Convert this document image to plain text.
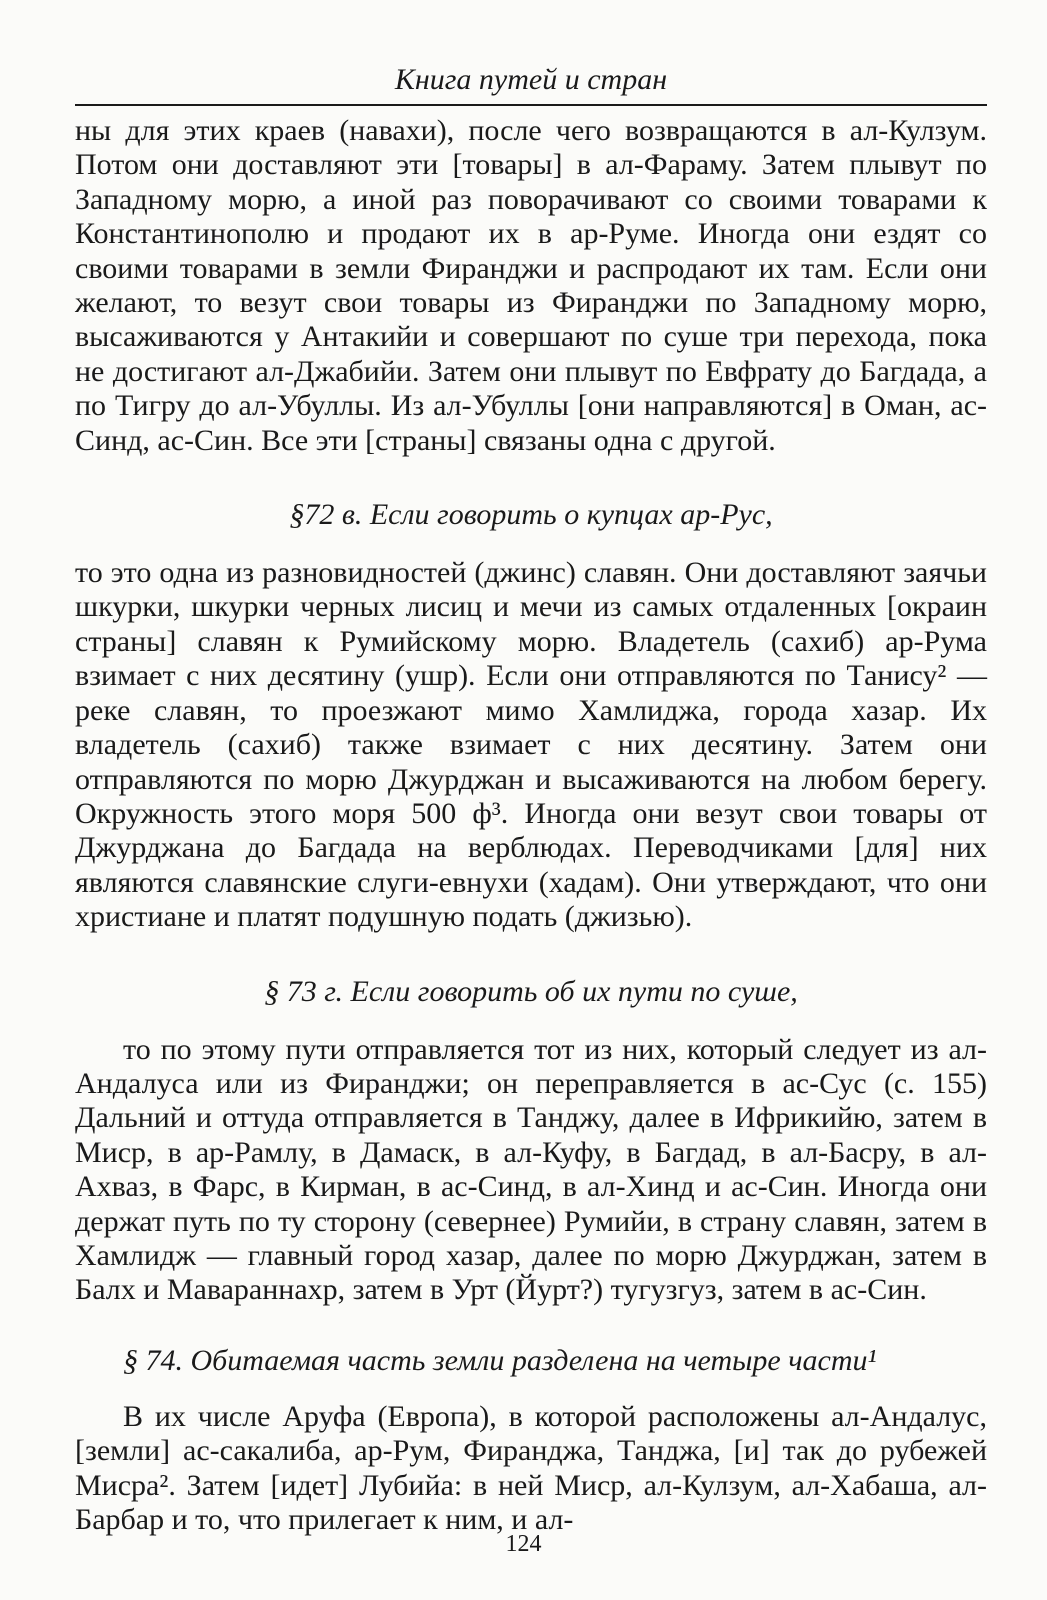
Книга путей и стран

ны для этих краев (навахи), после чего возвращаются в ал-Кулзум. Потом они доставляют эти [товары] в ал-Фараму. Затем плывут по Западному морю, а иной раз поворачивают со своими товарами к Константинополю и продают их в ар-Руме. Иногда они ездят со своими товарами в земли Фиранджи и распродают их там. Если они желают, то везут свои товары из Фиранджи по Западному морю, высаживаются у Антакийи и совершают по суше три перехода, пока не достигают ал-Джабийи. Затем они плывут по Евфрату до Багдада, а по Тигру до ал-Убуллы. Из ал-Убуллы [они направляются] в Оман, ас-Синд, ас-Син. Все эти [страны] связаны одна с другой.

§72 в. Если говорить о купцах ар-Рус,

то это одна из разновидностей (джинс) славян. Они доставляют заячьи шкурки, шкурки черных лисиц и мечи из самых отдаленных [окраин страны] славян к Румийскому морю. Владетель (сахиб) ар-Рума взимает с них десятину (ушр). Если они отправляются по Танису² — реке славян, то проезжают мимо Хамлиджа, города хазар. Их владетель (сахиб) также взимает с них десятину. Затем они отправляются по морю Джурджан и высаживаются на любом берегу. Окружность этого моря 500 ф³. Иногда они везут свои товары от Джурджана до Багдада на верблюдах. Переводчиками [для] них являются славянские слуги-евнухи (хадам). Они утверждают, что они христиане и платят подушную подать (джизью).

§ 73 г. Если говорить об их пути по суше,

то по этому пути отправляется тот из них, который следует из ал-Андалуса или из Фиранджи; он переправляется в ас-Сус (с. 155) Дальний и оттуда отправляется в Танджу, далее в Ифрикийю, затем в Миср, в ар-Рамлу, в Дамаск, в ал-Куфу, в Багдад, в ал-Басру, в ал-Ахваз, в Фарс, в Кирман, в ас-Синд, в ал-Хинд и ас-Син. Иногда они держат путь по ту сторону (севернее) Румийи, в страну славян, затем в Хамлидж — главный город хазар, далее по морю Джурджан, затем в Балх и Мавараннахр, затем в Урт (Йурт?) тугузгуз, затем в ас-Син.

§ 74. Обитаемая часть земли разделена на четыре части¹

В их числе Аруфа (Европа), в которой расположены ал-Андалус, [земли] ас-сакалиба, ар-Рум, Фиранджа, Танджа, [и] так до рубежей Мисра². Затем [идет] Лубийа: в ней Миср, ал-Кулзум, ал-Хабаша, ал-Барбар и то, что прилегает к ним, и ал-

124
